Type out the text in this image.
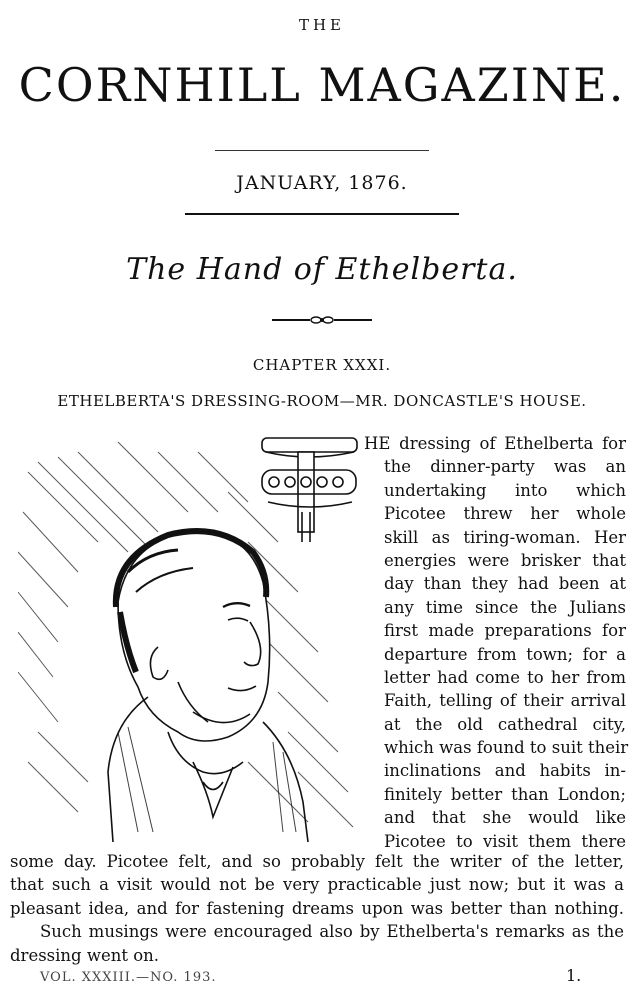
THE
CORNHILL MAGAZINE.
JANUARY, 1876.
The Hand of Ethelberta.
CHAPTER XXXI.
ETHELBERTA'S DRESSING-ROOM—MR. DONCASTLE'S HOUSE.
HE dressing of Ethelberta for
the dinner-party was an
undertaking into which
Picotee threw her whole
skill as tiring-woman. Her
energies were brisker that
day than they had been at
any time since the Julians
first made preparations for
departure from town; for a
letter had come to her from
Faith, telling of their arrival
at the old cathedral city,
which was found to suit their
inclinations and habits in-
finitely better than London;
and that she would like
Picotee to visit them there
some day. Picotee felt, and so probably felt the writer of the letter,
that such a visit would not be very practicable just now; but it was a
pleasant idea, and for fastening dreams upon was better than nothing.
Such musings were encouraged also by Ethelberta's remarks as the
dressing went on.
VOL. XXXIII.—NO. 193.	1.
